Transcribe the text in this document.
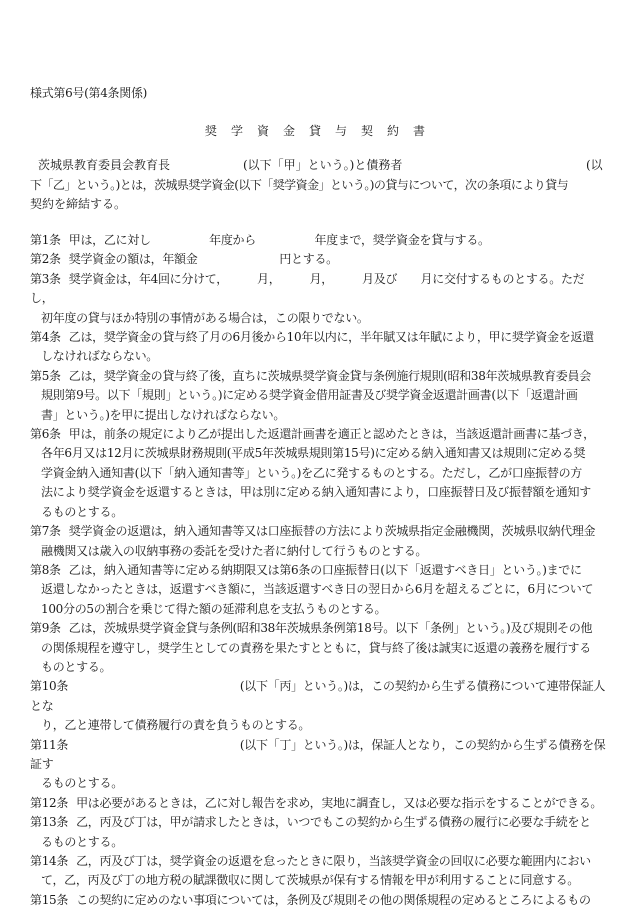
様式第6号(第4条関係)
奨 学 資 金 貸 与 契 約 書
茨城県教育委員会教育長	(以下「甲」という。)と債務者	(以
下「乙」という。)とは，茨城県奨学資金(以下「奨学資金」という。)の貸与について，次の条項により貸与
契約を締結する。
第1条 甲は，乙に対し　　　　　年度から　　　　　年度まで，奨学資金を貸与する。
第2条 奨学資金の額は，年額金　　　　　　　円とする。
第3条 奨学資金は，年4回に分けて，　　　月，　　　月，　　　月及び　　月に交付するものとする。ただし，
初年度の貸与ほか特別の事情がある場合は，この限りでない。
第4条 乙は，奨学資金の貸与終了月の6月後から10年以内に，半年賦又は年賦により，甲に奨学資金を返還
しなければならない。
第5条 乙は，奨学資金の貸与終了後，直ちに茨城県奨学資金貸与条例施行規則(昭和38年茨城県教育委員会
規則第9号。以下「規則」という。)に定める奨学資金借用証書及び奨学資金返還計画書(以下「返還計画
書」という。)を甲に提出しなければならない。
第6条 甲は，前条の規定により乙が提出した返還計画書を適正と認めたときは，当該返還計画書に基づき，
各年6月又は12月に茨城県財務規則(平成5年茨城県規則第15号)に定める納入通知書又は規則に定める奨
学資金納入通知書(以下「納入通知書等」という。)を乙に発するものとする。ただし，乙が口座振替の方
法により奨学資金を返還するときは，甲は別に定める納入通知書により，口座振替日及び振替額を通知す
るものとする。
第7条 奨学資金の返還は，納入通知書等又は口座振替の方法により茨城県指定金融機関，茨城県収納代理金
融機関又は歳入の収納事務の委託を受けた者に納付して行うものとする。
第8条 乙は，納入通知書等に定める納期限又は第6条の口座振替日(以下「返還すべき日」という。)までに
返還しなかったときは，返還すべき額に，当該返還すべき日の翌日から6月を超えるごとに，6月について
100分の5の割合を乗じて得た額の延滞利息を支払うものとする。
第9条 乙は，茨城県奨学資金貸与条例(昭和38年茨城県条例第18号。以下「条例」という。)及び規則その他
の関係規程を遵守し，奨学生としての責務を果たすとともに，貸与終了後は誠実に返還の義務を履行する
ものとする。
第10条　　　　　　　　　　　　　　(以下「丙」という。)は，この契約から生ずる債務について連帯保証人とな
り，乙と連帯して債務履行の責を負うものとする。
第11条　　　　　　　　　　　　　　(以下「丁」という。)は，保証人となり，この契約から生ずる債務を保証す
るものとする。
第12条 甲は必要があるときは，乙に対し報告を求め，実地に調査し，又は必要な指示をすることができる。
第13条 乙，丙及び丁は，甲が請求したときは，いつでもこの契約から生ずる債務の履行に必要な手続をと
るものとする。
第14条 乙，丙及び丁は，奨学資金の返還を怠ったときに限り，当該奨学資金の回収に必要な範囲内におい
て，乙，丙及び丁の地方税の賦課徴収に関して茨城県が保有する情報を甲が利用することに同意する。
第15条 この契約に定めのない事項については，条例及び規則その他の関係規程の定めるところによるもの
